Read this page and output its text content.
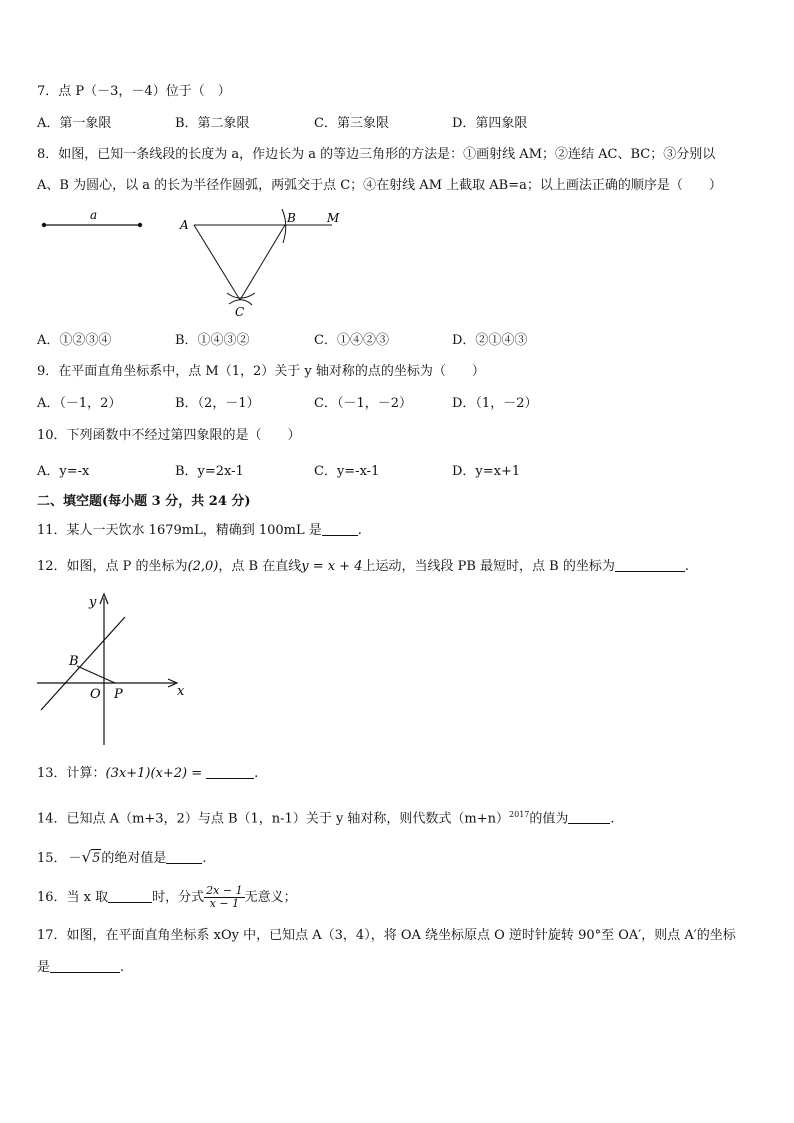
7．点 P（－3，－4）位于（　）
A．第一象限	B．第二象限	C．第三象限	D．第四象限
8．如图，已知一条线段的长度为 a，作边长为 a 的等边三角形的方法是：①画射线 AM；②连结 AC、BC；③分别以
A、B 为圆心，以 a 的长为半径作圆弧，两弧交于点 C；④在射线 AM 上截取 AB=a；以上画法正确的顺序是（　　）
a
A	B	M
C
A．①②③④	B．①④③②	C．①④②③	D．②①④③
9．在平面直角坐标系中，点 M（1，2）关于 y 轴对称的点的坐标为（　　）
A．（－1，2）	B．（2，－1）	C．（－1，－2）	D．（1，－2）
10．下列函数中不经过第四象限的是（　　）
A．y=-x	B．y=2x-1	C．y=-x-1	D．y=x+1
二、填空题(每小题 3 分，共 24 分)
11．某人一天饮水 1679mL，精确到 100mL 是	.
12．如图，点 P 的坐标为(2,0)，点 B 在直线y = x + 4上运动，当线段 PB 最短时，点 B 的坐标为	.
y
x
B
O P
13．计算：(3x+1)(x+2) =	.
14．已知点 A（m+3，2）与点 B（1，n-1）关于 y 轴对称，则代数式$(m+n)^{2017}$的值为	.
15． －√5的绝对值是	.
16．当 x 取	时，分式 $\frac{2x - 1}{x - 1}$ 无意义；
17．如图，在平面直角坐标系 xOy 中，已知点 A（3，4），将 OA 绕坐标原点 O 逆时针旋转 90°至 OA′，则点 A′的坐标
是	.
